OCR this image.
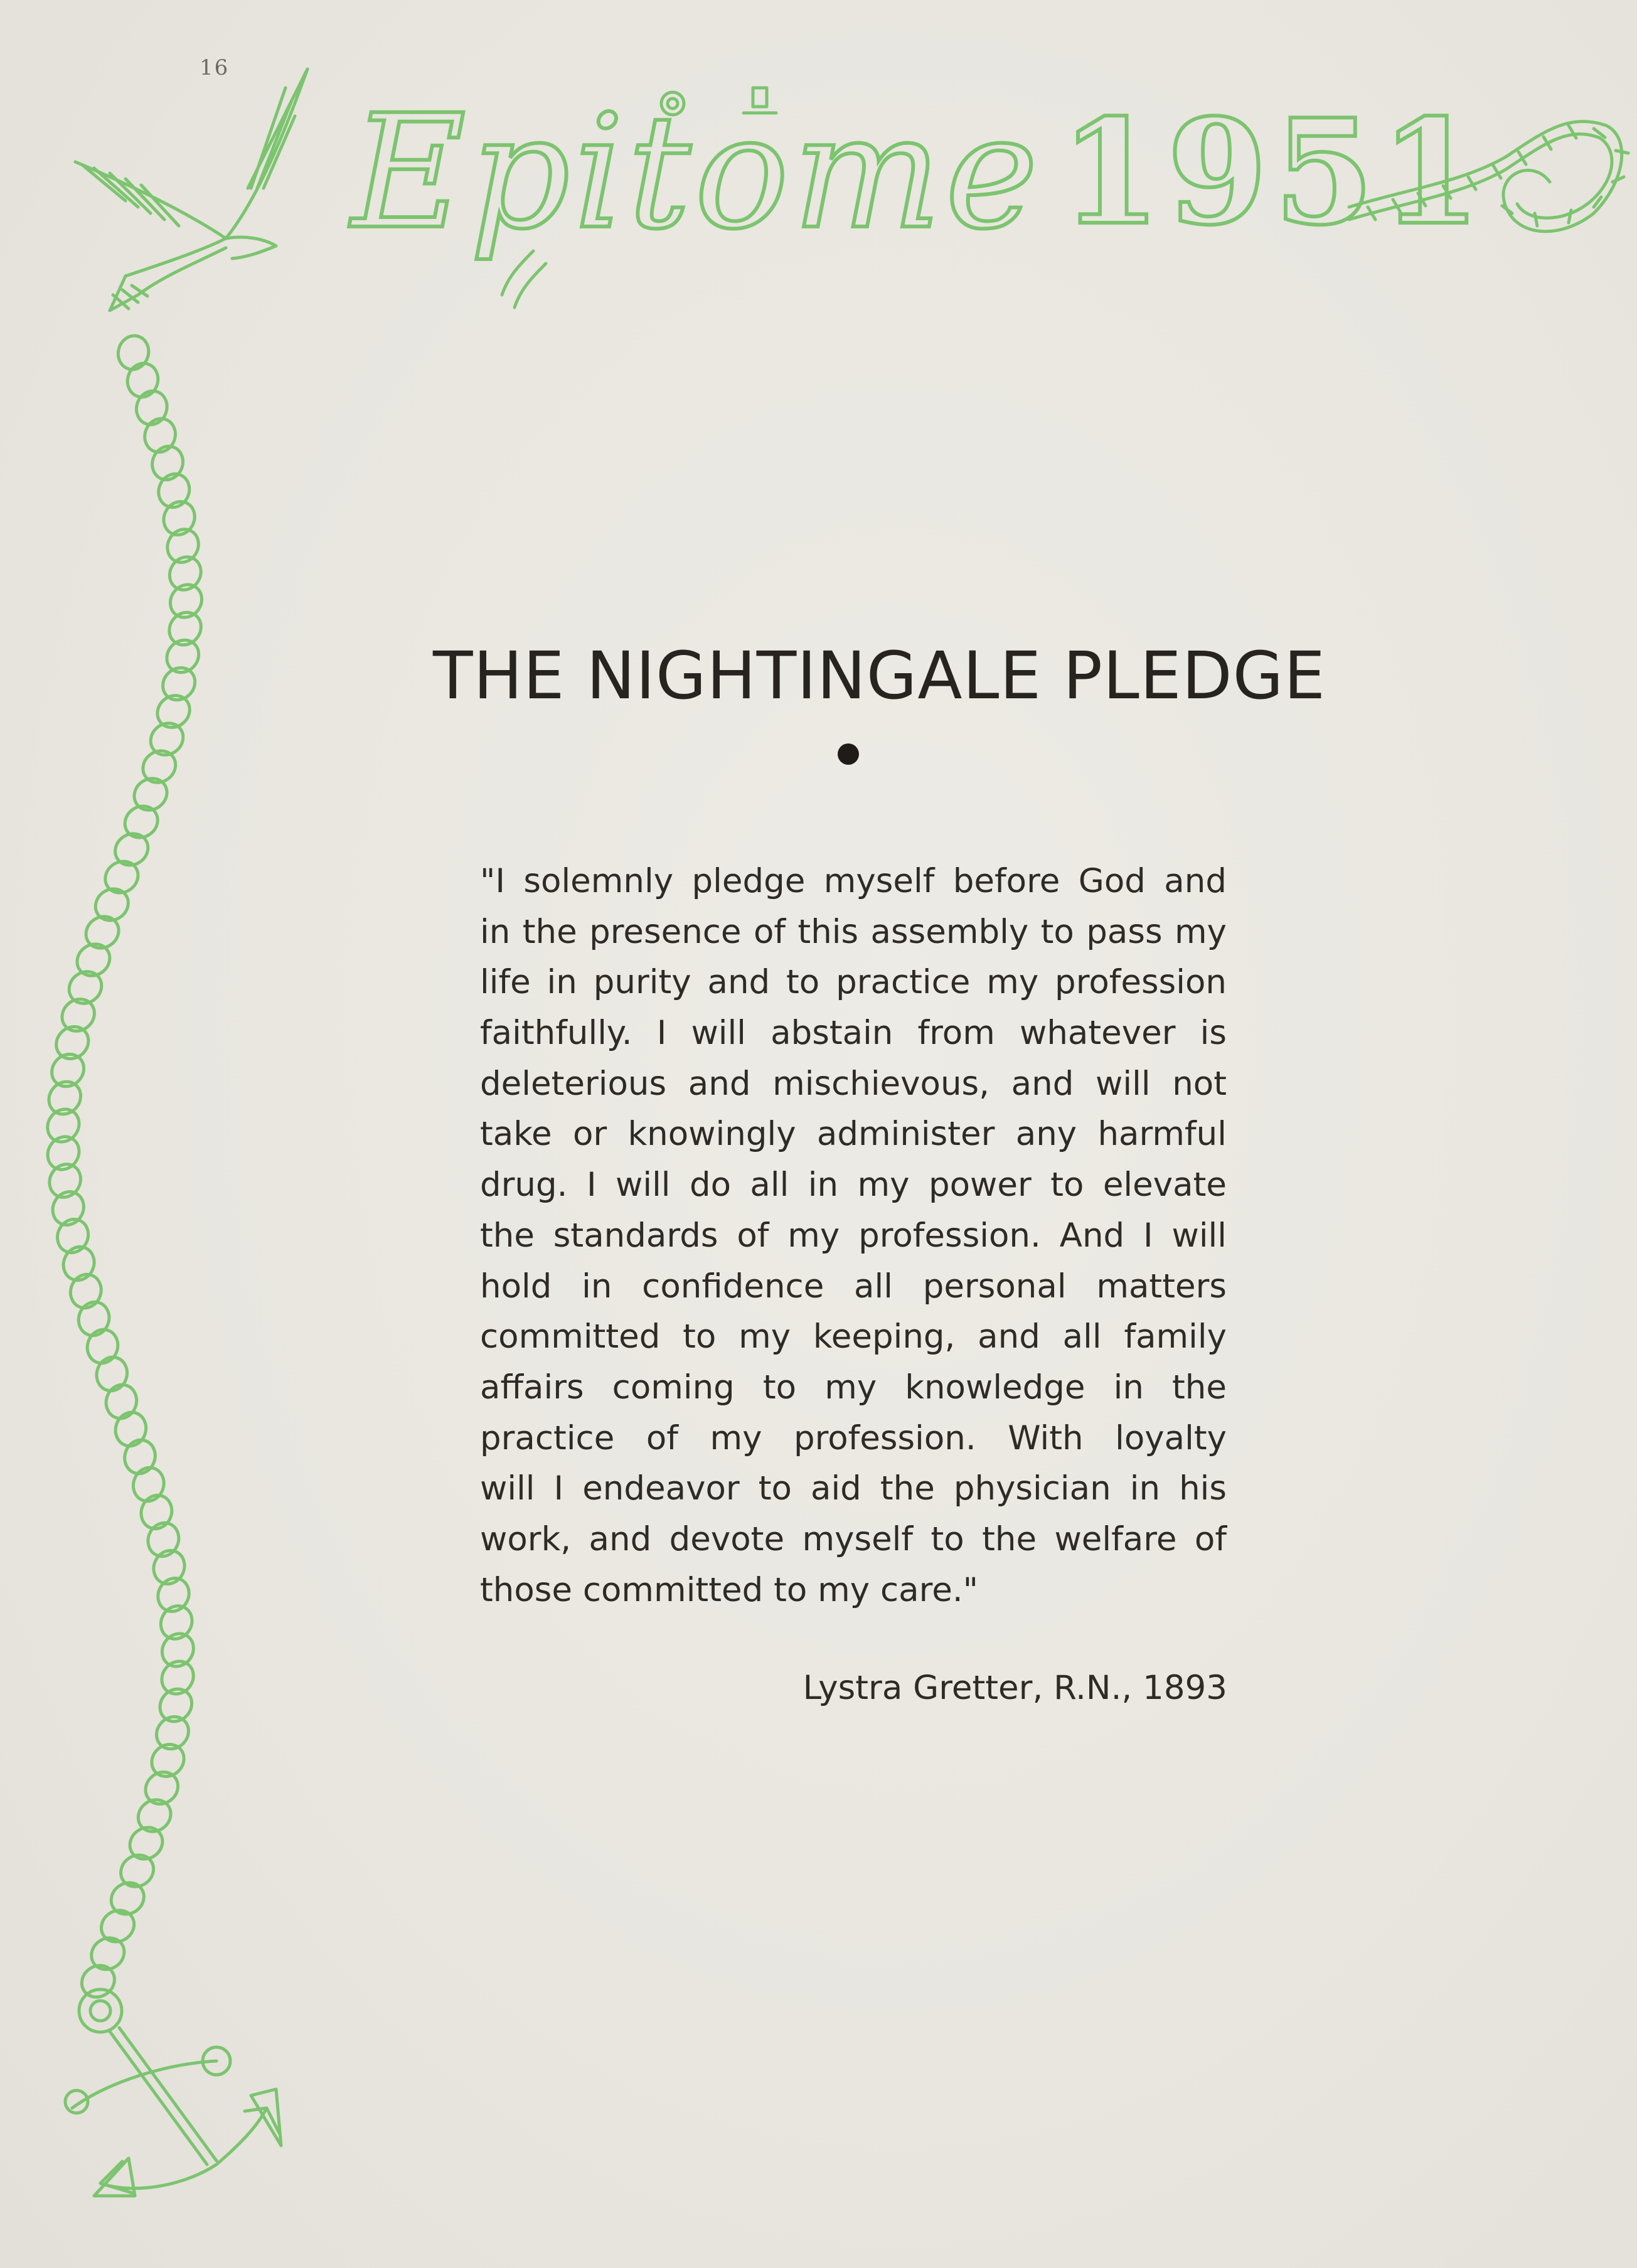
16
Epitome 1951
THE NIGHTINGALE PLEDGE
"I solemnly pledge myself before God and
in the presence of this assembly to pass my
life in purity and to practice my profession
faithfully. I will abstain from whatever is
deleterious and mischievous, and will not
take or knowingly administer any harmful
drug. I will do all in my power to elevate
the standards of my profession. And I will
hold in confidence all personal matters
committed to my keeping, and all family
affairs coming to my knowledge in the
practice of my profession. With loyalty
will I endeavor to aid the physician in his
work, and devote myself to the welfare of
those committed to my care."
Lystra Gretter, R.N., 1893
